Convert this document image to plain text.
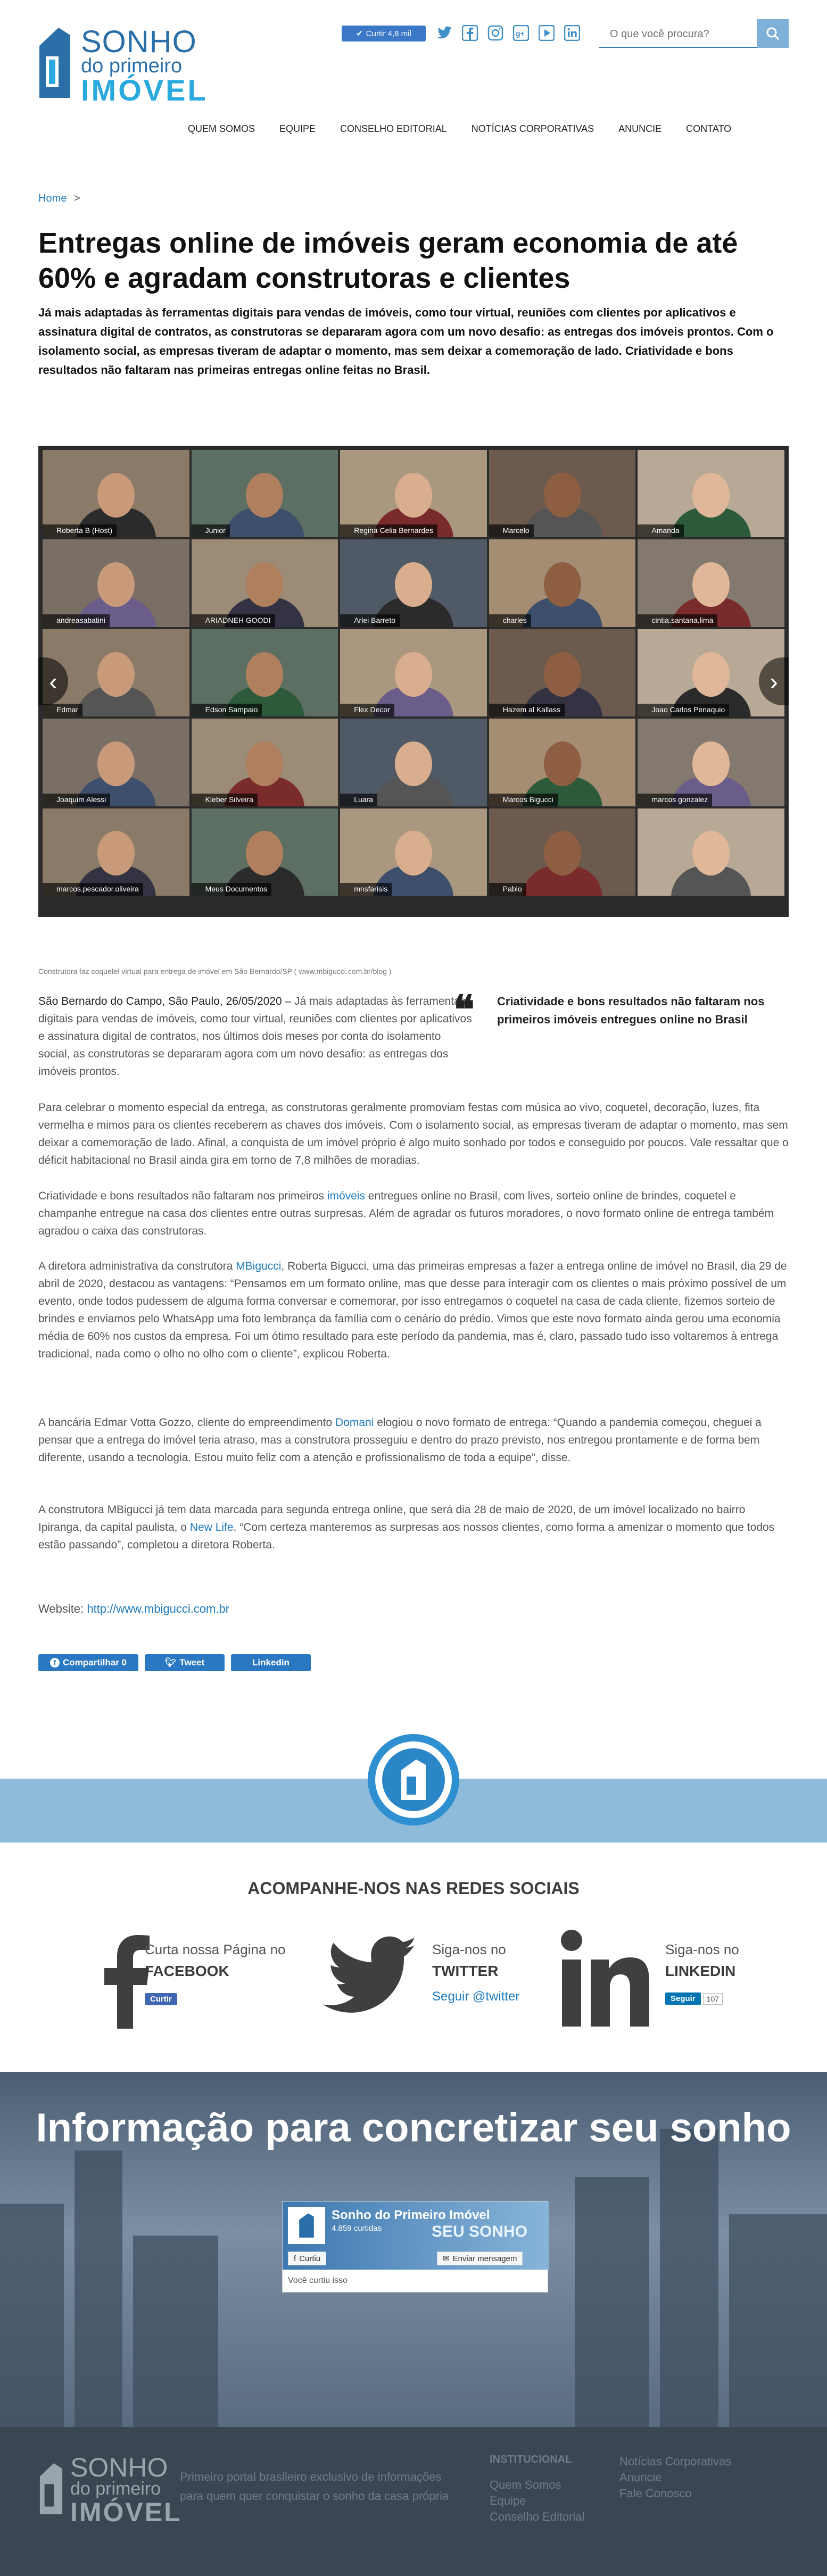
SONHO
do primeiro
IMÓVEL
✔ Curtir 4,8 mil	g+
O que você procura?
QUEM SOMOS	EQUIPE	CONSELHO EDITORIAL	NOTÍCIAS CORPORATIVAS	ANUNCIE	CONTATO
Home >
Entregas online de imóveis geram economia de até 60% e agradam construtoras e clientes

Já mais adaptadas às ferramentas digitais para vendas de imóveis, como tour virtual, reuniões com clientes por aplicativos e assinatura digital de contratos, as construtoras se depararam agora com um novo desafio: as entregas dos imóveis prontos. Com o isolamento social, as empresas tiveram de adaptar o momento, mas sem deixar a comemoração de lado. Criatividade e bons resultados não faltaram nas primeiras entregas online feitas no Brasil.

Roberta B (Host)	Junior	Regina Celia Bernardes	Marcelo	Amanda
andreasabatini	ARIADNEH GOODI	Arlei Barreto	charles	cintia.santana.lima
Edmar	Edson Sampaio	Flex Decor	Hazem al Kallass	Joao Carlos Penaquio
Joaquim Alessi	Kleber Silveira	Luara	Marcos Bigucci	marcos gonzalez
marcos.pescador.oliveira	Meus Documentos	mnsfarisis	Pablo
‹	›
Construtora faz coquetel virtual para entrega de imóvel em São Bernardo/SP ( www.mbigucci.com.br/blog )
São Bernardo do Campo, São Paulo, 26/05/2020 – Já mais adaptadas às ferramentas digitais para vendas de imóveis, como tour virtual, reuniões com clientes por aplicativos e assinatura digital de contratos, nos últimos dois meses por conta do isolamento social, as construtoras se depararam agora com um novo desafio: as entregas dos imóveis prontos.
❝ Criatividade e bons resultados não faltaram nos primeiros imóveis entregues online no Brasil

Para celebrar o momento especial da entrega, as construtoras geralmente promoviam festas com música ao vivo, coquetel, decoração, luzes, fita vermelha e mimos para os clientes receberem as chaves dos imóveis. Com o isolamento social, as empresas tiveram de adaptar o momento, mas sem deixar a comemoração de lado. Afinal, a conquista de um imóvel próprio é algo muito sonhado por todos e conseguido por poucos. Vale ressaltar que o déficit habitacional no Brasil ainda gira em torno de 7,8 milhões de moradias.

Criatividade e bons resultados não faltaram nos primeiros imóveis entregues online no Brasil, com lives, sorteio online de brindes, coquetel e champanhe entregue na casa dos clientes entre outras surpresas. Além de agradar os futuros moradores, o novo formato online de entrega também agradou o caixa das construtoras.

A diretora administrativa da construtora MBigucci, Roberta Bigucci, uma das primeiras empresas a fazer a entrega online de imóvel no Brasil, dia 29 de abril de 2020, destacou as vantagens: “Pensamos em um formato online, mas que desse para interagir com os clientes o mais próximo possível de um evento, onde todos pudessem de alguma forma conversar e comemorar, por isso entregamos o coquetel na casa de cada cliente, fizemos sorteio de brindes e enviamos pelo WhatsApp uma foto lembrança da família com o cenário do prédio. Vimos que este novo formato ainda gerou uma economia média de 60% nos custos da empresa. Foi um ótimo resultado para este período da pandemia, mas é, claro, passado tudo isso voltaremos à entrega tradicional, nada como o olho no olho com o cliente”, explicou Roberta.

A bancária Edmar Votta Gozzo, cliente do empreendimento Domani elogiou o novo formato de entrega: “Quando a pandemia começou, cheguei a pensar que a entrega do imóvel teria atraso, mas a construtora prosseguiu e dentro do prazo previsto, nos entregou prontamente e de forma bem diferente, usando a tecnologia. Estou muito feliz com a atenção e profissionalismo de toda a equipe”, disse.

A construtora MBigucci já tem data marcada para segunda entrega online, que será dia 28 de maio de 2020, de um imóvel localizado no bairro Ipiranga, da capital paulista, o New Life. “Com certeza manteremos as surpresas aos nossos clientes, como forma a amenizar o momento que todos estão passando”, completou a diretora Roberta.

Website: http://www.mbigucci.com.br
f Compartilhar 0	🐦︎ Tweet	Linkedin
ACOMPANHE-NOS NAS REDES SOCIAIS
Curta nossa Página no
FACEBOOK
Curtir
Siga-nos no
TWITTER
Seguir @twitter
Siga-nos no
LINKEDIN
Seguir	107
Informação para concretizar seu sonho
Sonho do Primeiro Imóvel
4.859 curtidas	SEU SONHO
f Curtiu	✉ Enviar mensagem
Você curtiu isso
SONHO
do primeiro
IMÓVEL
Primeiro portal brasileiro exclusivo de informações para quem quer conquistar o sonho da casa própria
INSTITUCIONAL
Quem Somos
Equipe
Conselho Editorial
Notícias Corporativas
Anuncie
Fale Conosco
